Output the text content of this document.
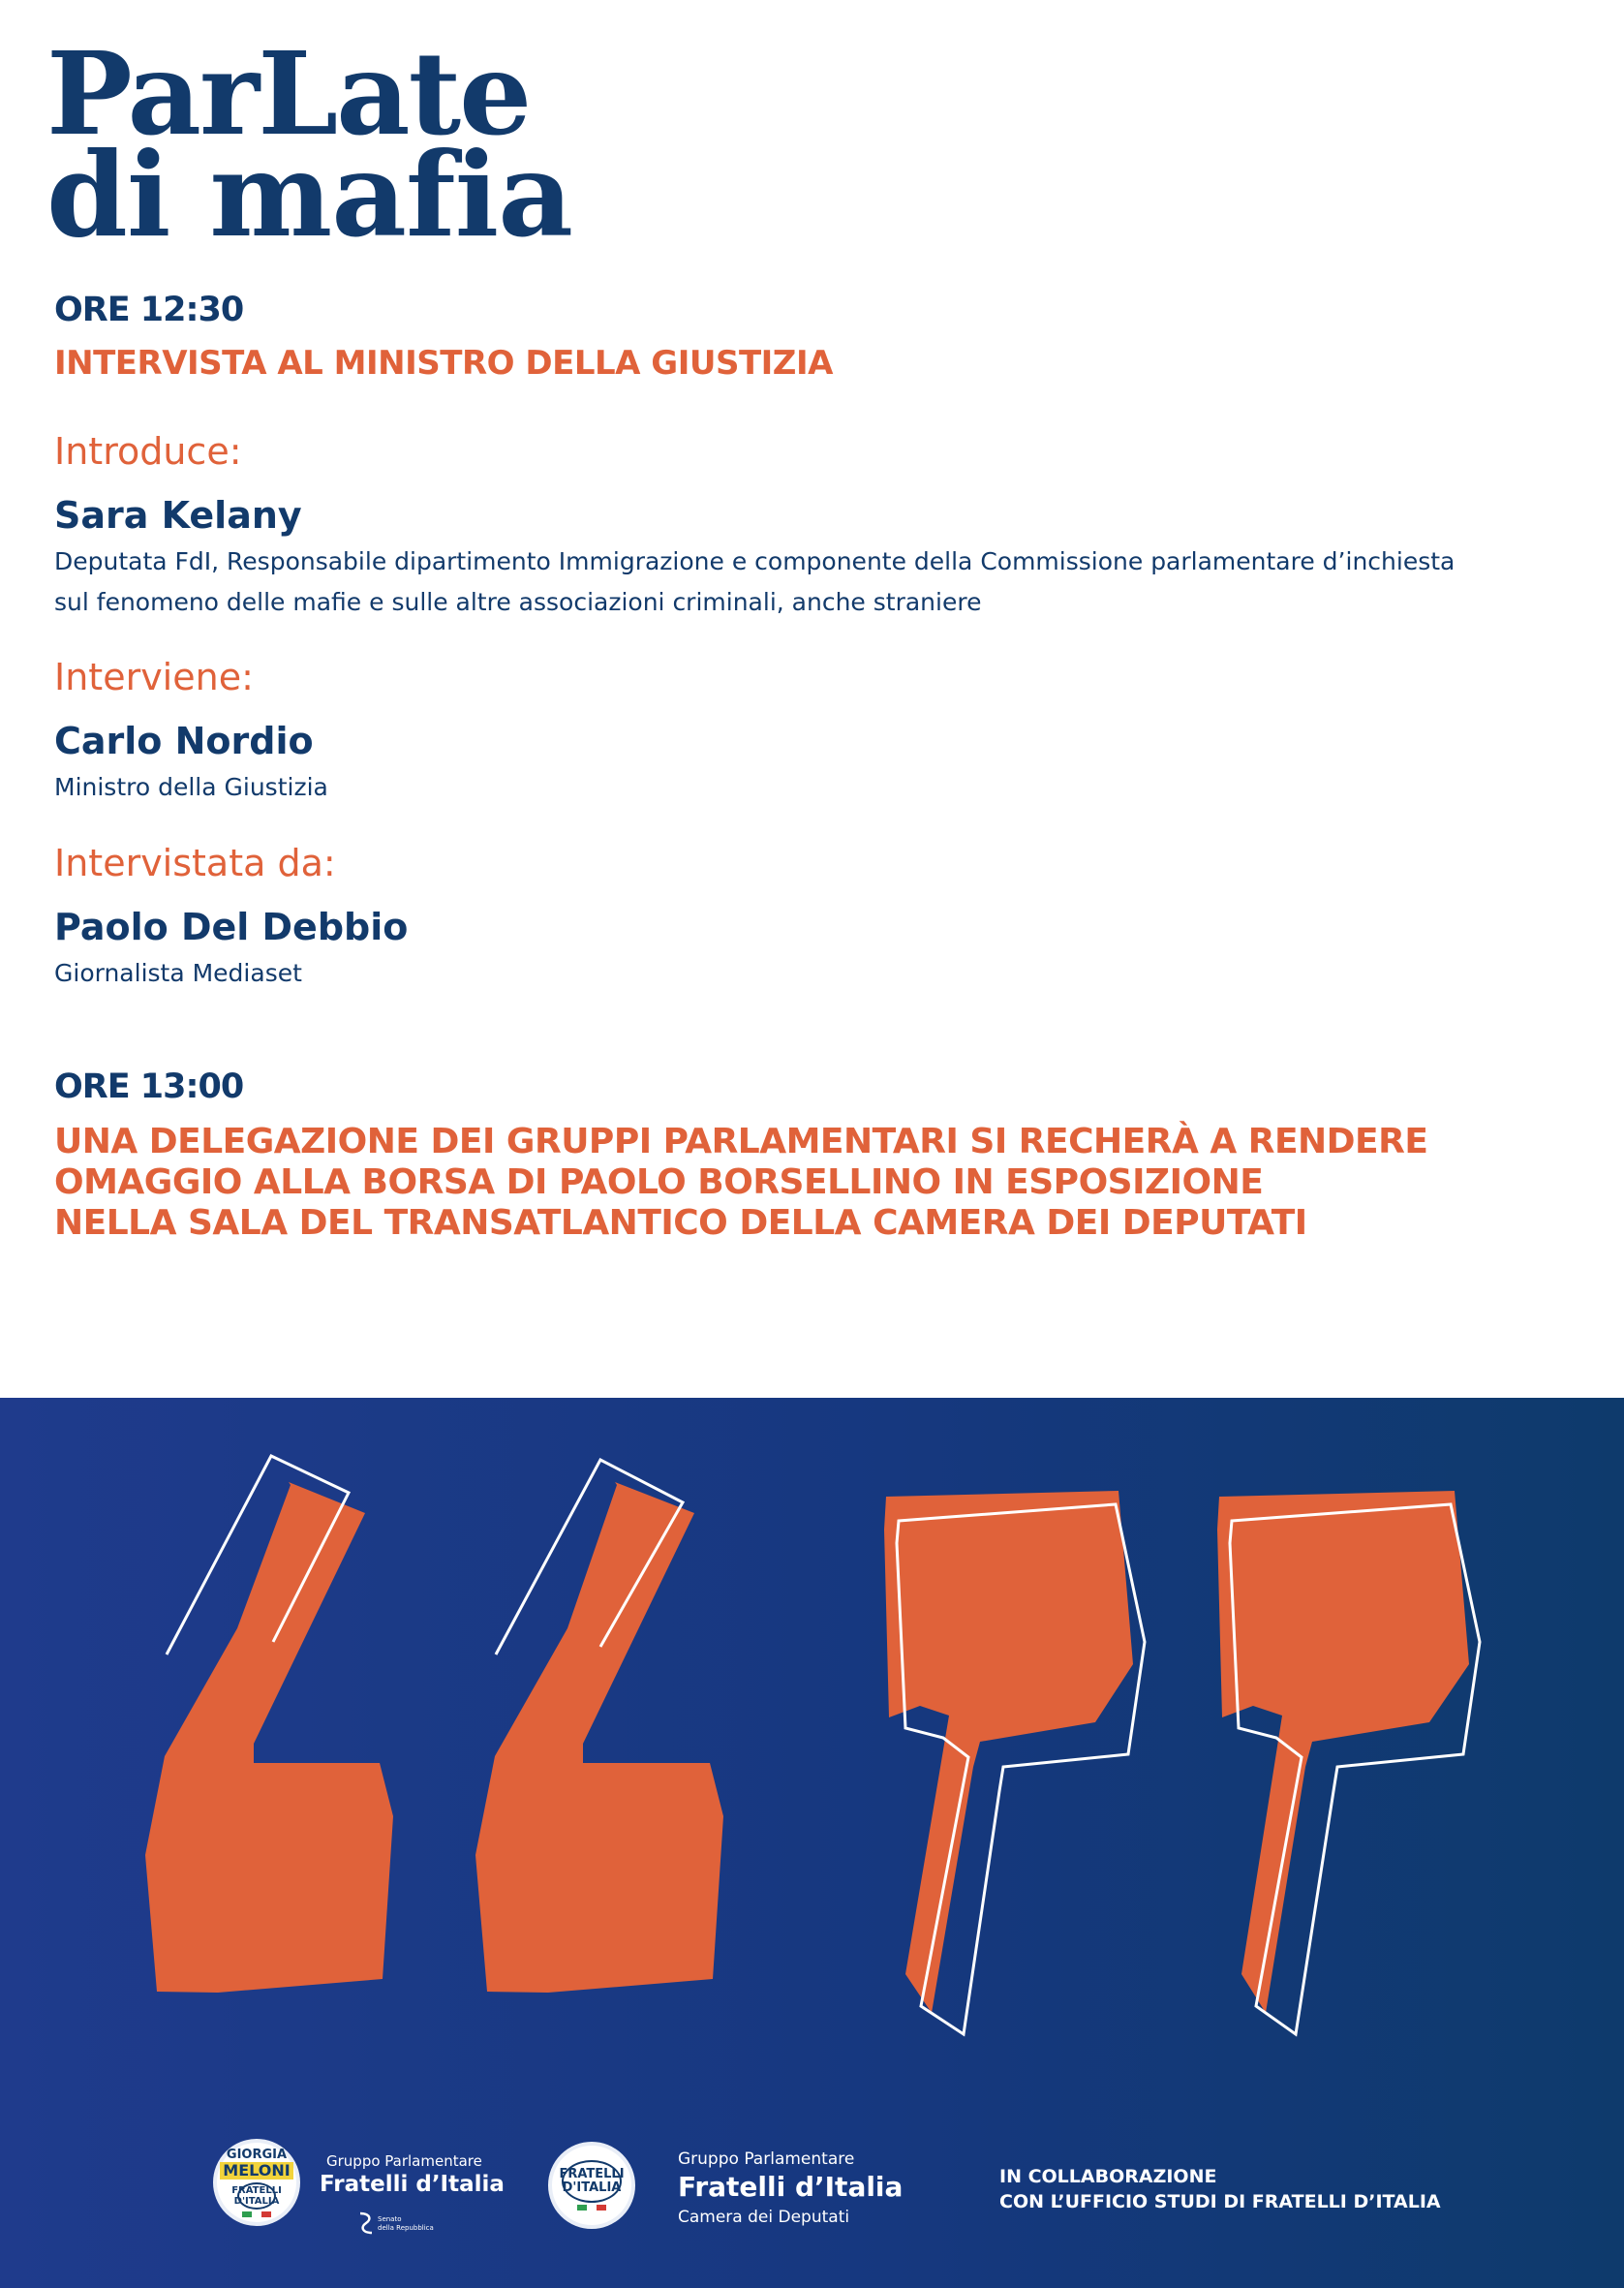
ParLate
di mafia
ORE 12:30
INTERVISTA AL MINISTRO DELLA GIUSTIZIA
Introduce:
Sara Kelany
Deputata FdI, Responsabile dipartimento Immigrazione e componente della Commissione parlamentare d’inchiesta
sul fenomeno delle mafie e sulle altre associazioni criminali, anche straniere
Interviene:
Carlo Nordio
Ministro della Giustizia
Intervistata da:
Paolo Del Debbio
Giornalista Mediaset
ORE 13:00
UNA DELEGAZIONE DEI GRUPPI PARLAMENTARI SI RECHERÀ A RENDERE
OMAGGIO ALLA BORSA DI PAOLO BORSELLINO IN ESPOSIZIONE
NELLA SALA DEL TRANSATLANTICO DELLA CAMERA DEI DEPUTATI
GIORGIA
MELONI
FRATELLI D'ITALIA
Gruppo Parlamentare
Fratelli d’Italia
Senato
della Repubblica
FRATELLI D'ITALIA
Gruppo Parlamentare
Fratelli d’Italia
Camera dei Deputati
IN COLLABORAZIONE
CON L’UFFICIO STUDI DI FRATELLI D’ITALIA
